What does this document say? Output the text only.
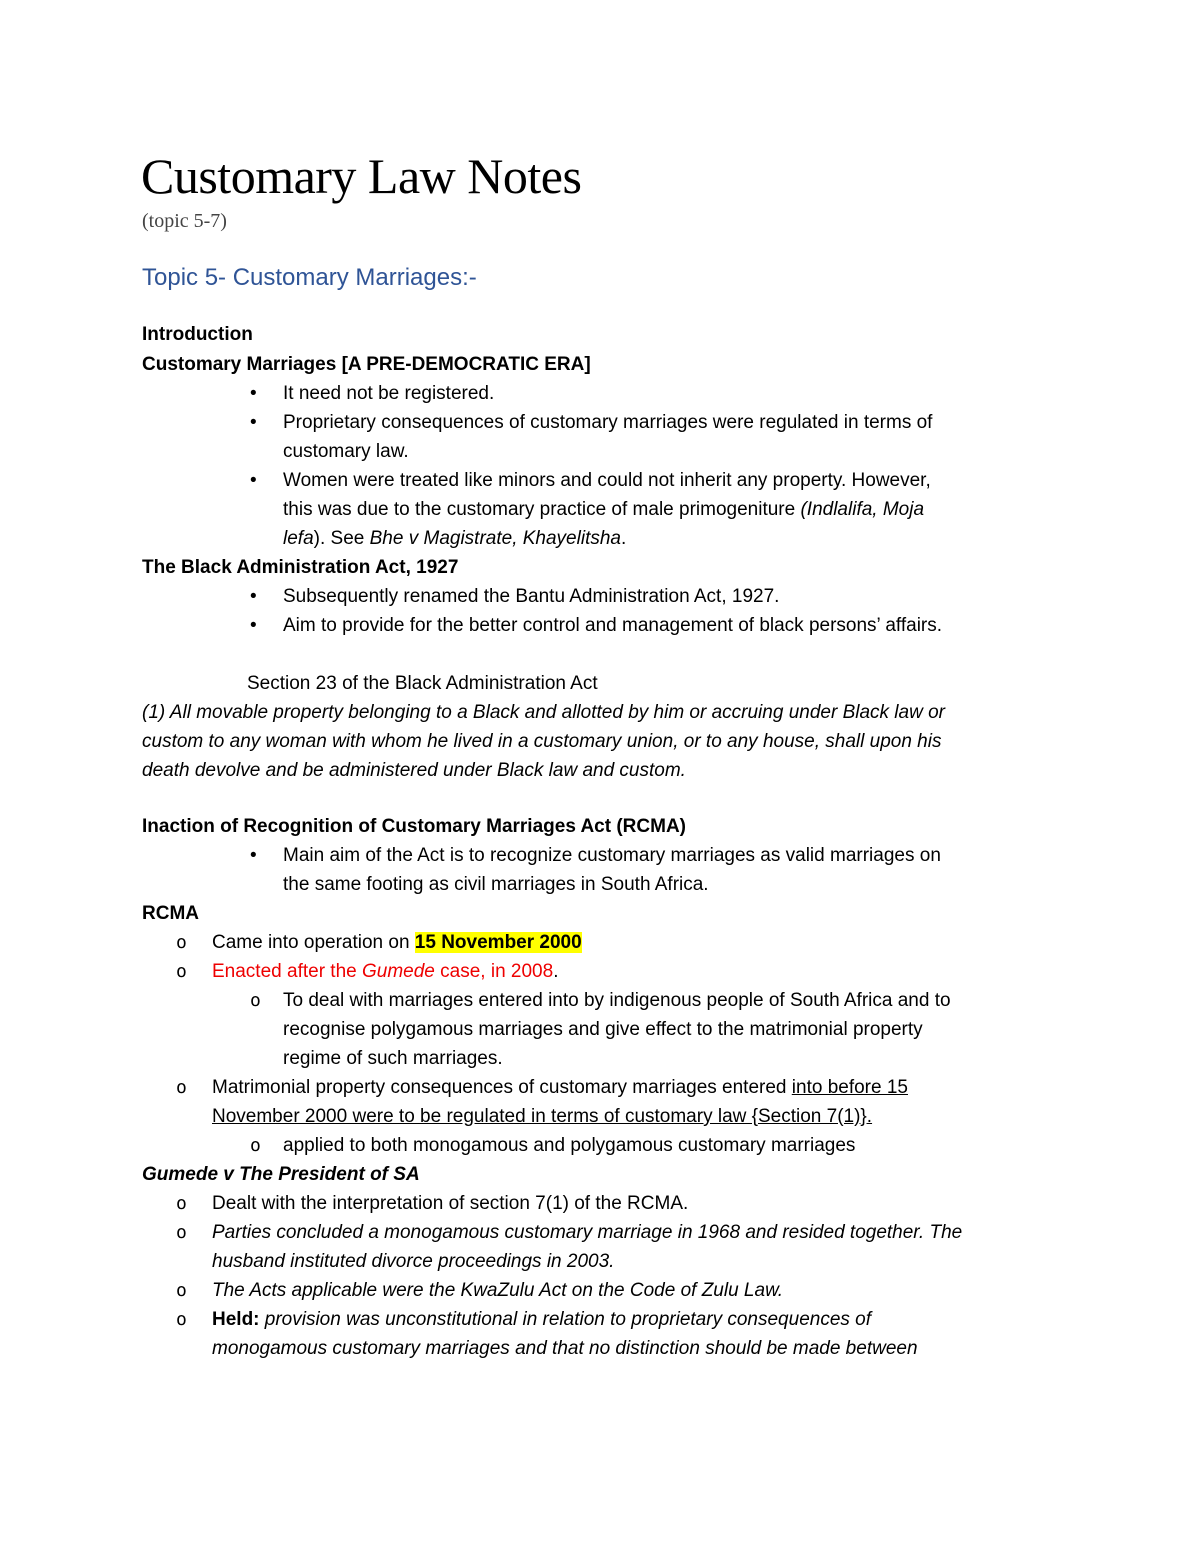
Customary Law Notes
(topic 5-7)
Topic 5- Customary Marriages:-
Introduction
Customary Marriages [A PRE-DEMOCRATIC ERA]
• It need not be registered.
• Proprietary consequences of customary marriages were regulated in terms of
customary law.
• Women were treated like minors and could not inherit any property. However,
this was due to the customary practice of male primogeniture (Indlalifa, Moja
lefa). See Bhe v Magistrate, Khayelitsha.
The Black Administration Act, 1927
• Subsequently renamed the Bantu Administration Act, 1927.
• Aim to provide for the better control and management of black persons’ affairs.
Section 23 of the Black Administration Act
(1) All movable property belonging to a Black and allotted by him or accruing under Black law or
custom to any woman with whom he lived in a customary union, or to any house, shall upon his
death devolve and be administered under Black law and custom.
Inaction of Recognition of Customary Marriages Act (RCMA)
• Main aim of the Act is to recognize customary marriages as valid marriages on
the same footing as civil marriages in South Africa.
RCMA
o Came into operation on 15 November 2000
o Enacted after the Gumede case, in 2008.
o To deal with marriages entered into by indigenous people of South Africa and to
recognise polygamous marriages and give effect to the matrimonial property
regime of such marriages.
o Matrimonial property consequences of customary marriages entered into before 15
November 2000 were to be regulated in terms of customary law {Section 7(1)}.
o applied to both monogamous and polygamous customary marriages
Gumede v The President of SA
o Dealt with the interpretation of section 7(1) of the RCMA.
o Parties concluded a monogamous customary marriage in 1968 and resided together. The
husband instituted divorce proceedings in 2003.
o The Acts applicable were the KwaZulu Act on the Code of Zulu Law.
o Held: provision was unconstitutional in relation to proprietary consequences of
monogamous customary marriages and that no distinction should be made between
